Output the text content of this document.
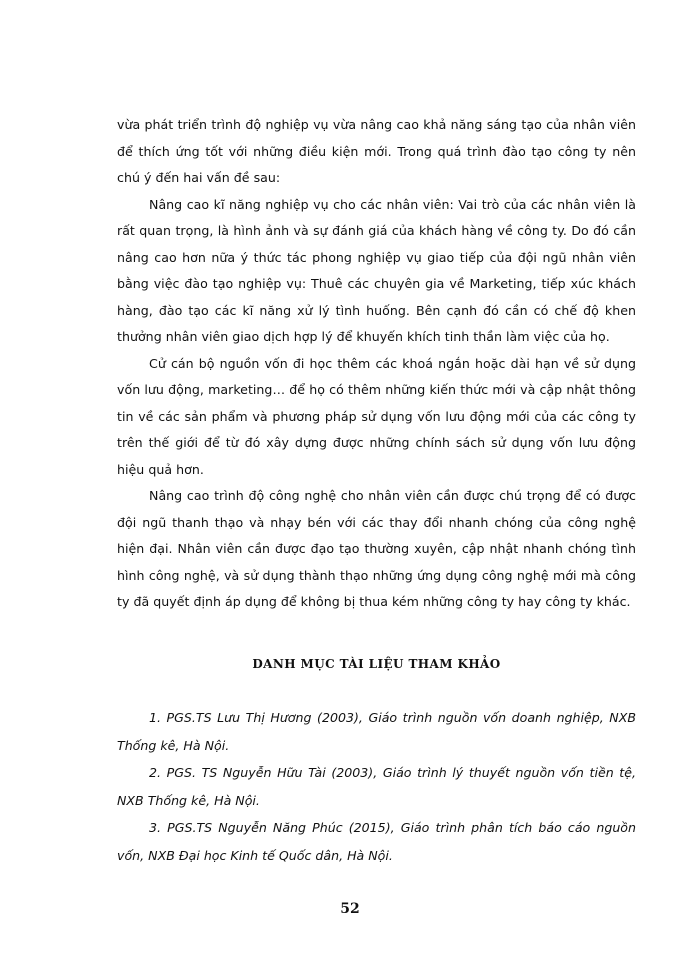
vừa phát triển trình độ nghiệp vụ vừa nâng cao khả năng sáng tạo của nhân viên để thích ứng tốt với những điều kiện mới. Trong quá trình đào tạo công ty nên chú ý đến hai vấn đề sau:

Nâng cao kĩ năng nghiệp vụ cho các nhân viên: Vai trò của các nhân viên là rất quan trọng, là hình ảnh và sự đánh giá của khách hàng về công ty. Do đó cần nâng cao hơn nữa ý thức tác phong nghiệp vụ giao tiếp của đội ngũ nhân viên bằng việc đào tạo nghiệp vụ: Thuê các chuyên gia về Marketing, tiếp xúc khách hàng, đào tạo các kĩ năng xử lý tình huống. Bên cạnh đó cần có chế độ khen thưởng nhân viên giao dịch hợp lý để khuyến khích tinh thần làm việc của họ.

Cử cán bộ nguồn vốn đi học thêm các khoá ngắn hoặc dài hạn về sử dụng vốn lưu động, marketing… để họ có thêm những kiến thức mới và cập nhật thông tin về các sản phẩm và phương pháp sử dụng vốn lưu động mới của các công ty trên thế giới để từ đó xây dựng được những chính sách sử dụng vốn lưu động hiệu quả hơn.

Nâng cao trình độ công nghệ cho nhân viên cần được chú trọng để có được đội ngũ thanh thạo và nhạy bén với các thay đổi nhanh chóng của công nghệ hiện đại. Nhân viên cần được đạo tạo thường xuyên, cập nhật nhanh chóng tình hình công nghệ, và sử dụng thành thạo những ứng dụng công nghệ mới mà công ty đã quyết định áp dụng để không bị thua kém những công ty hay công ty khác.

DANH MỤC TÀI LIỆU THAM KHẢO

1. PGS.TS Lưu Thị Hương (2003), Giáo trình nguồn vốn doanh nghiệp, NXB Thống kê, Hà Nội.

2. PGS. TS Nguyễn Hữu Tài (2003), Giáo trình lý thuyết nguồn vốn tiền tệ, NXB Thống kê, Hà Nội.

3. PGS.TS Nguyễn Năng Phúc (2015), Giáo trình phân tích báo cáo nguồn vốn, NXB Đại học Kinh tế Quốc dân, Hà Nội.

52
